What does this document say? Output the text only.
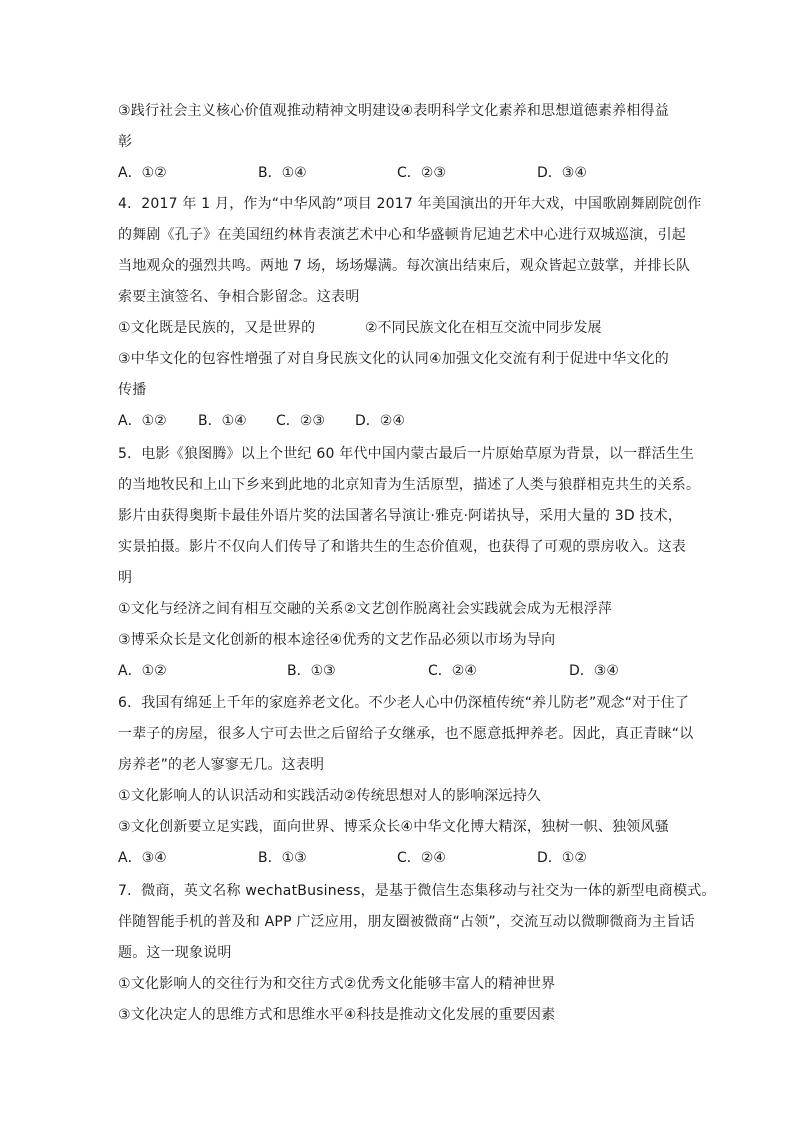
③践行社会主义核心价值观推动精神文明建设④表明科学文化素养和思想道德素养相得益
彰
A．①②	B．①④	C．②③	D．③④
4．2017 年 1 月，作为“中华风韵”项目 2017 年美国演出的开年大戏，中国歌剧舞剧院创作
的舞剧《孔子》在美国纽约林肯表演艺术中心和华盛顿肯尼迪艺术中心进行双城巡演，引起
当地观众的强烈共鸣。两地 7 场，场场爆满。每次演出结束后，观众皆起立鼓掌，并排长队
索要主演签名、争相合影留念。这表明
①文化既是民族的，又是世界的	②不同民族文化在相互交流中同步发展
③中华文化的包容性增强了对自身民族文化的认同④加强文化交流有利于促进中华文化的
传播
A．①② B．①④ C．②③ D．②④
5．电影《狼图腾》以上个世纪 60 年代中国内蒙古最后一片原始草原为背景，以一群活生生
的当地牧民和上山下乡来到此地的北京知青为生活原型，描述了人类与狼群相克共生的关系。
影片由获得奥斯卡最佳外语片奖的法国著名导演让·雅克·阿诺执导，采用大量的 3D 技术，
实景拍摄。影片不仅向人们传导了和谐共生的生态价值观，也获得了可观的票房收入。这表
明
①文化与经济之间有相互交融的关系②文艺创作脱离社会实践就会成为无根浮萍
③博采众长是文化创新的根本途径④优秀的文艺作品必须以市场为导向
A．①②	B．①③	C．②④	D．③④
6．我国有绵延上千年的家庭养老文化。不少老人心中仍深植传统“养儿防老”观念“对于住了
一辈子的房屋，很多人宁可去世之后留给子女继承，也不愿意抵押养老。因此，真正青睐“以
房养老”的老人寥寥无几。这表明
①文化影响人的认识活动和实践活动②传统思想对人的影响深远持久
③文化创新要立足实践，面向世界、博采众长④中华文化博大精深，独树一帜、独领风骚
A．③④	B．①③	C．②④	D．①②
7．微商，英文名称 wechatBusiness，是基于微信生态集移动与社交为一体的新型电商模式。
伴随智能手机的普及和 APP 广泛应用，朋友圈被微商“占领”，交流互动以微聊微商为主旨话
题。这一现象说明
①文化影响人的交往行为和交往方式②优秀文化能够丰富人的精神世界
③文化决定人的思维方式和思维水平④科技是推动文化发展的重要因素
